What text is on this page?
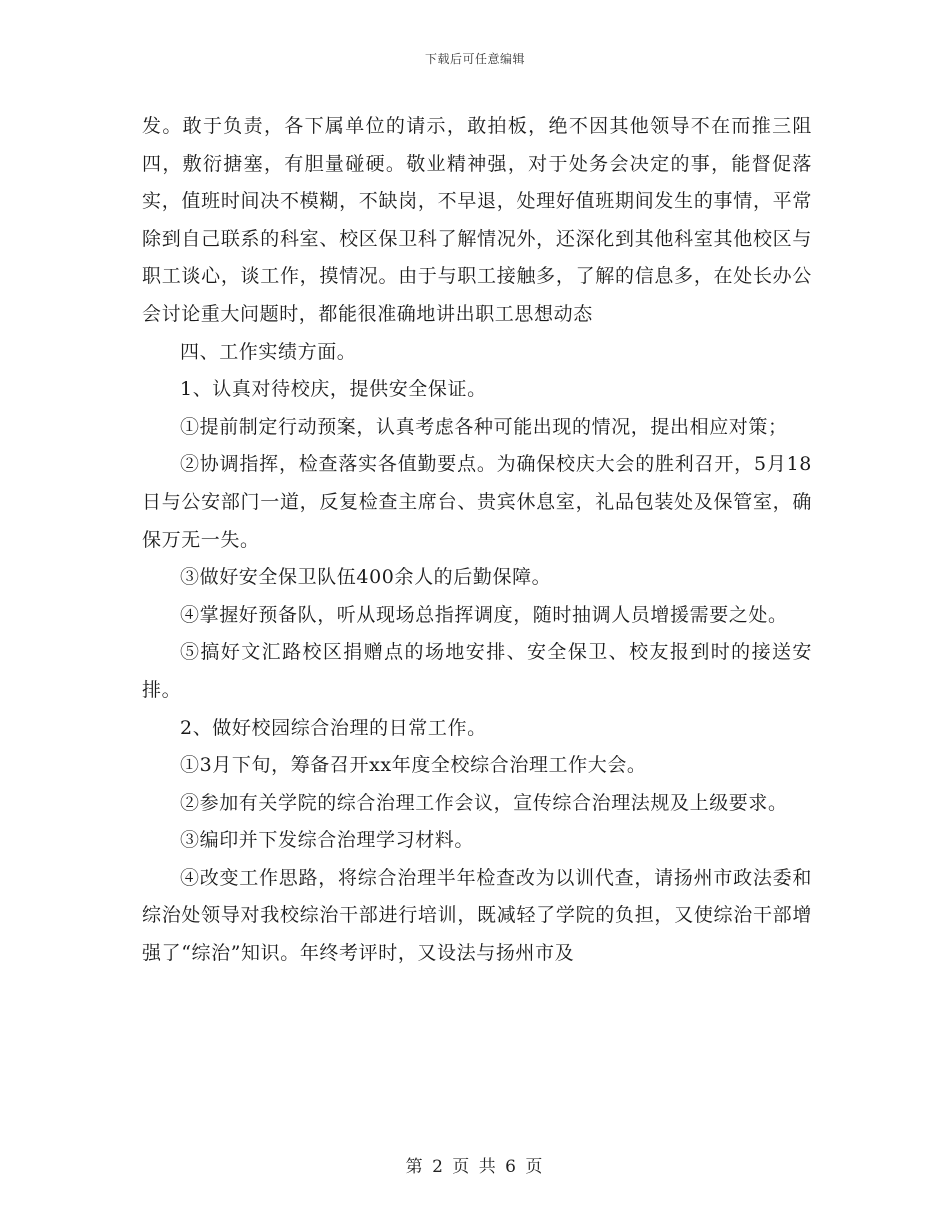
下载后可任意编辑

发。敢于负责，各下属单位的请示，敢拍板，绝不因其他领导不在而推三阻四，敷衍搪塞，有胆量碰硬。敬业精神强，对于处务会决定的事，能督促落实，值班时间决不模糊，不缺岗，不早退，处理好值班期间发生的事情，平常除到自己联系的科室、校区保卫科了解情况外，还深化到其他科室其他校区与职工谈心，谈工作，摸情况。由于与职工接触多，了解的信息多，在处长办公会讨论重大问题时，都能很准确地讲出职工思想动态

四、工作实绩方面。

1、认真对待校庆，提供安全保证。

①提前制定行动预案，认真考虑各种可能出现的情况，提出相应对策；

②协调指挥，检查落实各值勤要点。为确保校庆大会的胜利召开，5月18日与公安部门一道，反复检查主席台、贵宾休息室，礼品包装处及保管室，确保万无一失。

③做好安全保卫队伍400余人的后勤保障。

④掌握好预备队，听从现场总指挥调度，随时抽调人员增援需要之处。

⑤搞好文汇路校区捐赠点的场地安排、安全保卫、校友报到时的接送安排。

2、做好校园综合治理的日常工作。

①3月下旬，筹备召开xx年度全校综合治理工作大会。

②参加有关学院的综合治理工作会议，宣传综合治理法规及上级要求。

③编印并下发综合治理学习材料。

④改变工作思路，将综合治理半年检查改为以训代查，请扬州市政法委和综治处领导对我校综治干部进行培训，既减轻了学院的负担，又使综治干部增强了“综治”知识。年终考评时，又设法与扬州市及

第 2 页 共 6 页
